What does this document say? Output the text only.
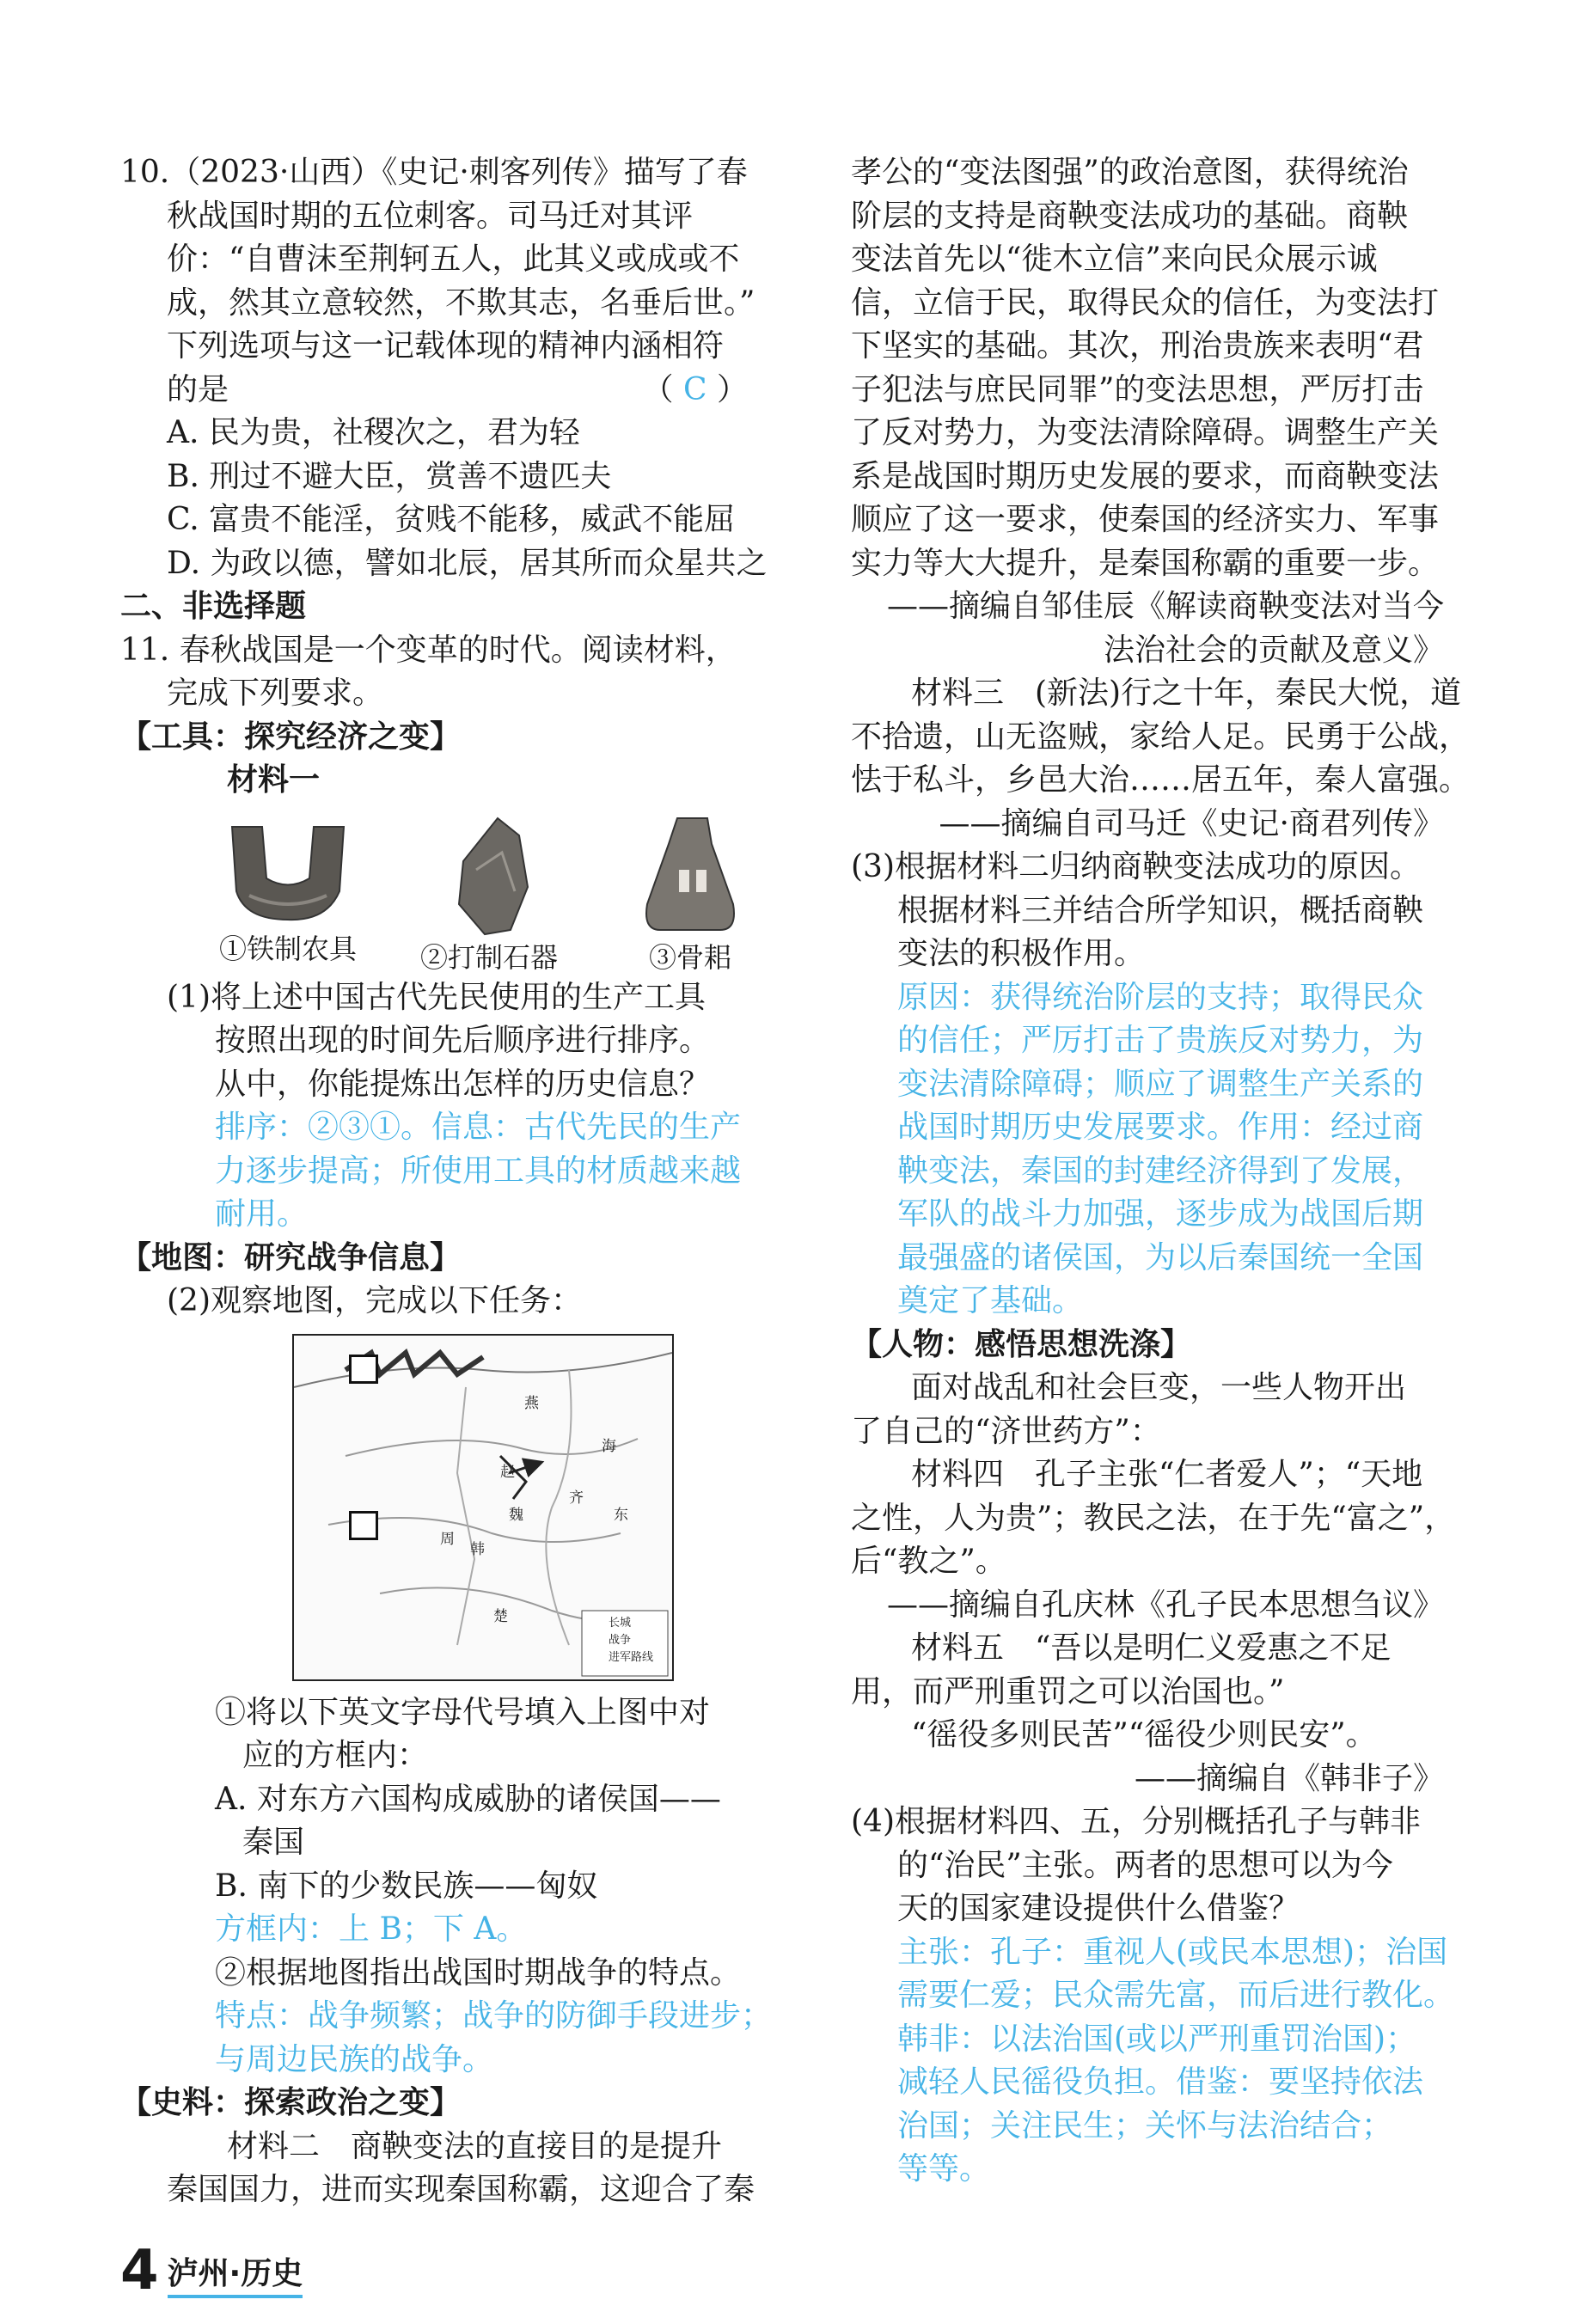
10.（2023·山西）《史记·刺客列传》描写了春
秋战国时期的五位刺客。司马迁对其评
价：“自曹沫至荆轲五人，此其义或成或不
成，然其立意较然，不欺其志，名垂后世。”
下列选项与这一记载体现的精神内涵相符
的是	（ C ）
A. 民为贵，社稷次之，君为轻
B. 刑过不避大臣，赏善不遗匹夫
C. 富贵不能淫，贫贱不能移，威武不能屈
D. 为政以德，譬如北辰，居其所而众星共之
二、非选择题
11. 春秋战国是一个变革的时代。阅读材料，
完成下列要求。
【工具：探究经济之变】
材料一
①铁制农具 ②打制石器	③骨耜
(1)将上述中国古代先民使用的生产工具
按照出现的时间先后顺序进行排序。
从中，你能提炼出怎样的历史信息？
排序：②③①。信息：古代先民的生产
力逐步提高；所使用工具的材质越来越
耐用。
【地图：研究战争信息】
(2)观察地图，完成以下任务：
燕
赵
魏
周
韩
齐
楚
海
东
长城
战争
进军路线
①将以下英文字母代号填入上图中对
应的方框内：
A. 对东方六国构成威胁的诸侯国——
秦国
B. 南下的少数民族——匈奴
方框内：上 B；下 A。
②根据地图指出战国时期战争的特点。
特点：战争频繁；战争的防御手段进步；
与周边民族的战争。
【史料：探索政治之变】
材料二　商鞅变法的直接目的是提升
秦国国力，进而实现秦国称霸，这迎合了秦
孝公的“变法图强”的政治意图，获得统治
阶层的支持是商鞅变法成功的基础。商鞅
变法首先以“徙木立信”来向民众展示诚
信，立信于民，取得民众的信任，为变法打
下坚实的基础。其次，刑治贵族来表明“君
子犯法与庶民同罪”的变法思想，严厉打击
了反对势力，为变法清除障碍。调整生产关
系是战国时期历史发展的要求，而商鞅变法
顺应了这一要求，使秦国的经济实力、军事
实力等大大提升，是秦国称霸的重要一步。
——摘编自邹佳辰《解读商鞅变法对当今
法治社会的贡献及意义》
材料三　(新法)行之十年，秦民大悦，道
不拾遗，山无盗贼，家给人足。民勇于公战，
怯于私斗，乡邑大治……居五年，秦人富强。
——摘编自司马迁《史记·商君列传》
(3)根据材料二归纳商鞅变法成功的原因。
根据材料三并结合所学知识，概括商鞅
变法的积极作用。
原因：获得统治阶层的支持；取得民众
的信任；严厉打击了贵族反对势力，为
变法清除障碍；顺应了调整生产关系的
战国时期历史发展要求。作用：经过商
鞅变法，秦国的封建经济得到了发展，
军队的战斗力加强，逐步成为战国后期
最强盛的诸侯国，为以后秦国统一全国
奠定了基础。
【人物：感悟思想洗涤】
面对战乱和社会巨变，一些人物开出
了自己的“济世药方”：
材料四　孔子主张“仁者爱人”；“天地
之性，人为贵”；教民之法，在于先“富之”，
后“教之”。
——摘编自孔庆林《孔子民本思想刍议》
材料五　“吾以是明仁义爱惠之不足
用，而严刑重罚之可以治国也。”
“徭役多则民苦”“徭役少则民安”。
——摘编自《韩非子》
(4)根据材料四、五，分别概括孔子与韩非
的“治民”主张。两者的思想可以为今
天的国家建设提供什么借鉴？
主张：孔子：重视人(或民本思想)；治国
需要仁爱；民众需先富，而后进行教化。
韩非：以法治国(或以严刑重罚治国)；
减轻人民徭役负担。借鉴：要坚持依法
治国；关注民生；关怀与法治结合；
等等。
4 泸州·历史
